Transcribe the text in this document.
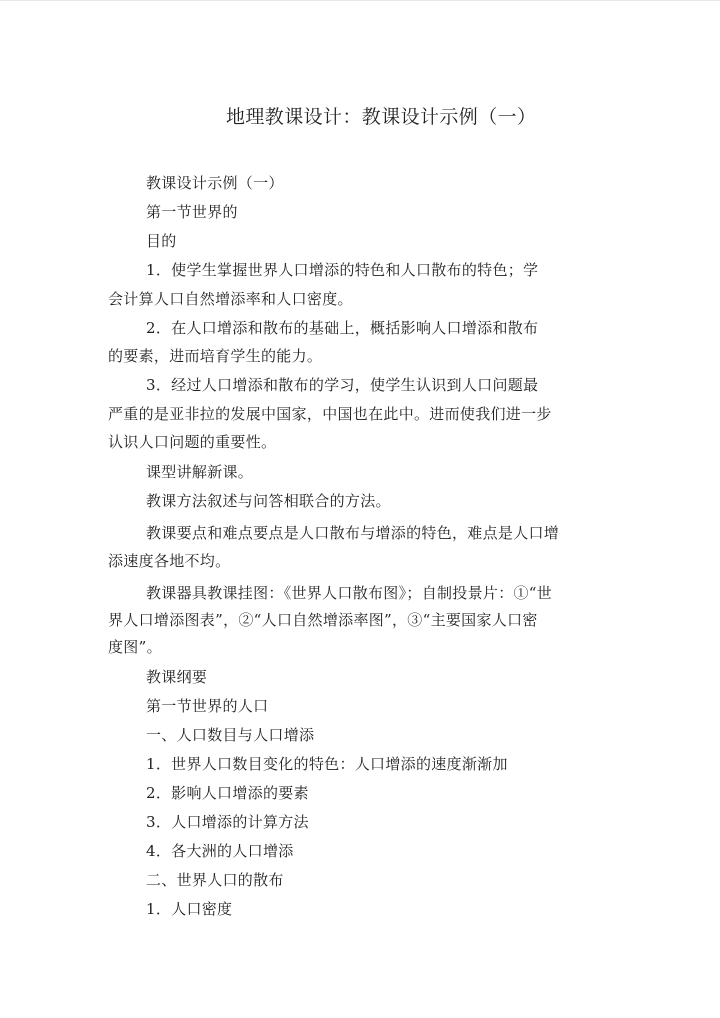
地理教课设计：教课设计示例（一）
教课设计示例（一）
第一节世界的
目的
1．使学生掌握世界人口增添的特色和人口散布的特色；学
会计算人口自然增添率和人口密度。
2．在人口增添和散布的基础上，概括影响人口增添和散布
的要素，进而培育学生的能力。
3．经过人口增添和散布的学习，使学生认识到人口问题最
严重的是亚非拉的发展中国家，中国也在此中。进而使我们进一步
认识人口问题的重要性。
课型讲解新课。
教课方法叙述与问答相联合的方法。
教课要点和难点要点是人口散布与增添的特色，难点是人口增
添速度各地不均。
教课器具教课挂图：《世界人口散布图》；自制投景片：①“世
界人口增添图表”，②“人口自然增添率图”，③“主要国家人口密
度图”。
教课纲要
第一节世界的人口
一、人口数目与人口增添
1．世界人口数目变化的特色：人口增添的速度渐渐加
2．影响人口增添的要素
3．人口增添的计算方法
4．各大洲的人口增添
二、世界人口的散布
1．人口密度
